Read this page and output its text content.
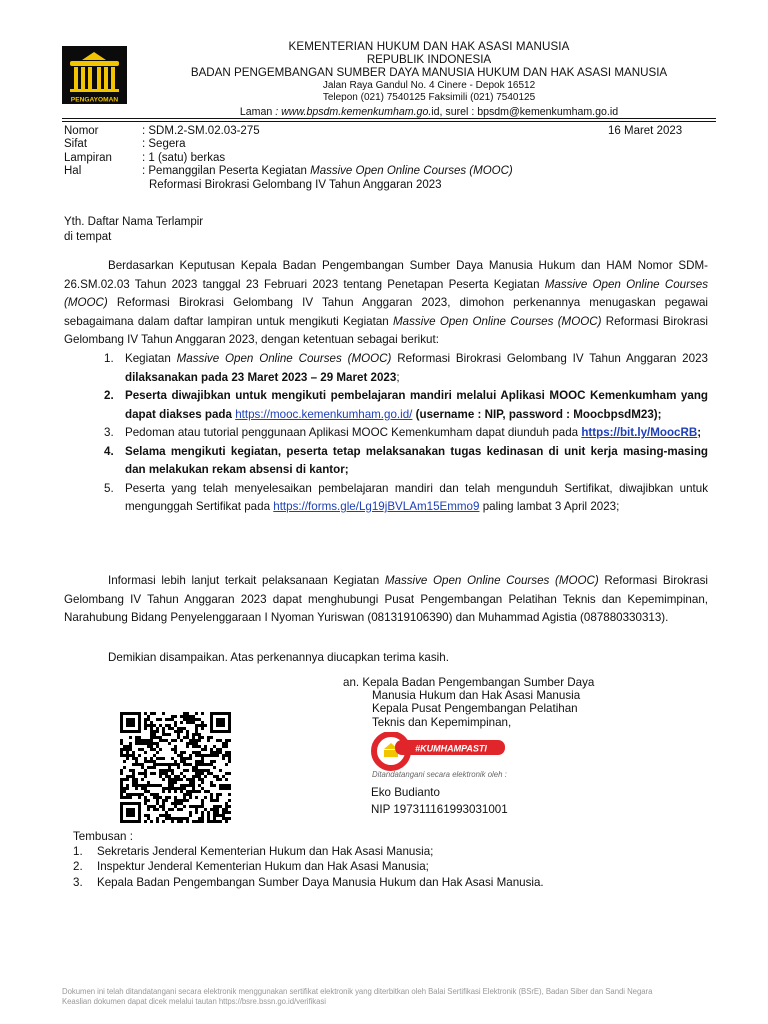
PENGAYOMAN
KEMENTERIAN HUKUM DAN HAK ASASI MANUSIA
REPUBLIK INDONESIA
BADAN PENGEMBANGAN SUMBER DAYA MANUSIA HUKUM DAN HAK ASASI MANUSIA
Jalan Raya Gandul No. 4 Cinere - Depok 16512
Telepon (021) 7540125 Faksimili (021) 7540125
Laman : www.bpsdm.kemenkumham.go.id, surel : bpsdm@kemenkumham.go.id
Nomor	: SDM.2-SM.02.03-275
Sifat	: Segera
Lampiran	: 1 (satu) berkas
Hal	: Pemanggilan Peserta Kegiatan Massive Open Online Courses (MOOC)
Reformasi Birokrasi Gelombang IV Tahun Anggaran 2023
16 Maret 2023
Yth. Daftar Nama Terlampir
di tempat
Berdasarkan Keputusan Kepala Badan Pengembangan Sumber Daya Manusia Hukum dan HAM Nomor SDM-26.SM.02.03 Tahun 2023 tanggal 23 Februari 2023 tentang Penetapan Peserta Kegiatan Massive Open Online Courses (MOOC) Reformasi Birokrasi Gelombang IV Tahun Anggaran 2023, dimohon perkenannya menugaskan pegawai sebagaimana dalam daftar lampiran untuk mengikuti Kegiatan Massive Open Online Courses (MOOC) Reformasi Birokrasi Gelombang IV Tahun Anggaran 2023, dengan ketentuan sebagai berikut:
1. Kegiatan Massive Open Online Courses (MOOC) Reformasi Birokrasi Gelombang IV Tahun Anggaran 2023 dilaksanakan pada 23 Maret 2023 – 29 Maret 2023;
2. Peserta diwajibkan untuk mengikuti pembelajaran mandiri melalui Aplikasi MOOC Kemenkumham yang dapat diakses pada https://mooc.kemenkumham.go.id/ (username : NIP, password : MoocbpsdM23);
3. Pedoman atau tutorial penggunaan Aplikasi MOOC Kemenkumham dapat diunduh pada https://bit.ly/MoocRB;
4. Selama mengikuti kegiatan, peserta tetap melaksanakan tugas kedinasan di unit kerja masing-masing dan melakukan rekam absensi di kantor;
5. Peserta yang telah menyelesaikan pembelajaran mandiri dan telah mengunduh Sertifikat, diwajibkan untuk mengunggah Sertifikat pada https://forms.gle/Lg19jBVLAm15Emmo9 paling lambat 3 April 2023;
Informasi lebih lanjut terkait pelaksanaan Kegiatan Massive Open Online Courses (MOOC) Reformasi Birokrasi Gelombang IV Tahun Anggaran 2023 dapat menghubungi Pusat Pengembangan Pelatihan Teknis dan Kepemimpinan, Narahubung Bidang Penyelenggaraan I Nyoman Yuriswan (081319106390) dan Muhammad Agistia (087880330313).
Demikian disampaikan. Atas perkenannya diucapkan terima kasih.
an. Kepala Badan Pengembangan Sumber Daya
Manusia Hukum dan Hak Asasi Manusia
Kepala Pusat Pengembangan Pelatihan
Teknis dan Kepemimpinan,
#KUMHAMPASTI
Ditandatangani secara elektronik oleh :
Eko Budianto
NIP 197311161993031001
Tembusan :
1. Sekretaris Jenderal Kementerian Hukum dan Hak Asasi Manusia;
2. Inspektur Jenderal Kementerian Hukum dan Hak Asasi Manusia;
3. Kepala Badan Pengembangan Sumber Daya Manusia Hukum dan Hak Asasi Manusia.
Dokumen ini telah ditandatangani secara elektronik menggunakan sertifikat elektronik yang diterbitkan oleh Balai Sertifikasi Elektronik (BSrE), Badan Siber dan Sandi Negara
Keaslian dokumen dapat dicek melalui tautan https://bsre.bssn.go.id/verifikasi
